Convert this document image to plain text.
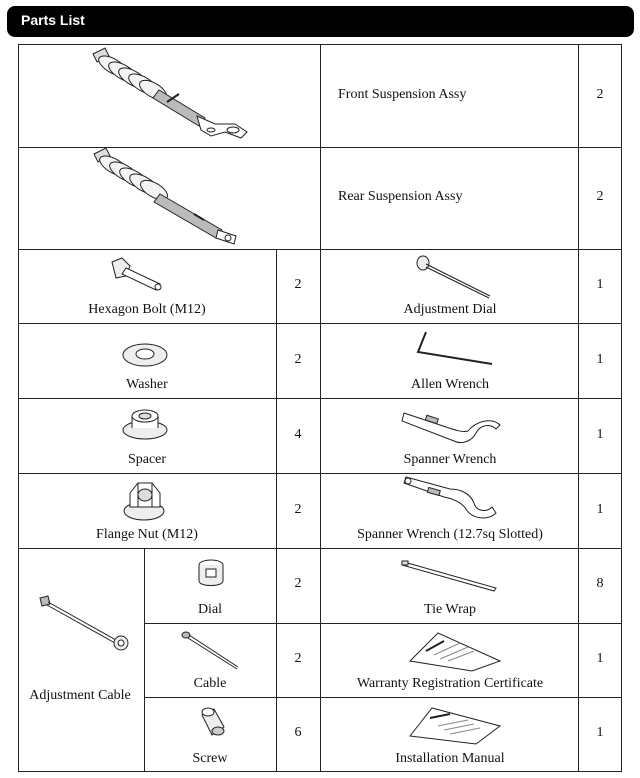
Parts List
Front Suspension Assy	2
Rear Suspension Assy	2
Hexagon Bolt (M12)
2
Adjustment Dial
1
Washer
2
Allen Wrench
1
Spacer
4
Spanner Wrench
1
Flange Nut (M12)
2
Spanner Wrench (12.7sq Slotted)
1
Adjustment Cable
Dial
2
Cable
2
Screw
6
Tie Wrap
8
Warranty Registration Certificate
1
Installation Manual
1
